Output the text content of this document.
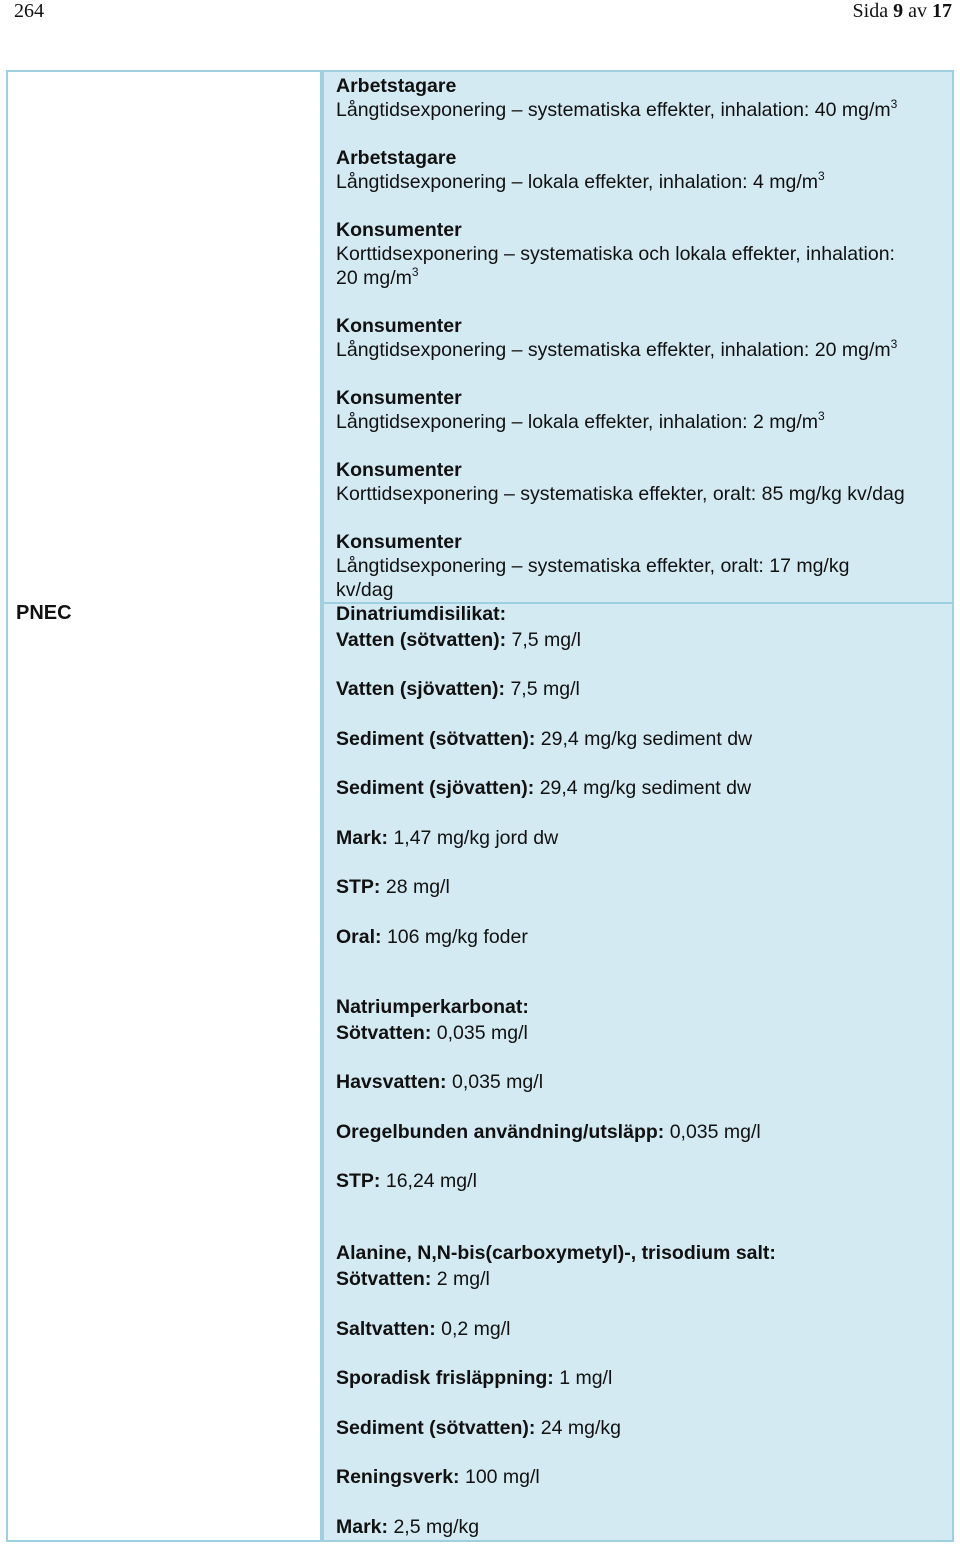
264	Sida 9 av 17
PNEC
Arbetstagare
Långtidsexponering – systematiska effekter, inhalation: 40 $mg/m^3$
Arbetstagare
Långtidsexponering – lokala effekter, inhalation: 4 $mg/m^3$
Konsumenter
Korttidsexponering – systematiska och lokala effekter, inhalation:
20 $mg/m^3$
Konsumenter
Långtidsexponering – systematiska effekter, inhalation: 20 $mg/m^3$
Konsumenter
Långtidsexponering – lokala effekter, inhalation: 2 $mg/m^3$
Konsumenter
Korttidsexponering – systematiska effekter, oralt: 85 mg/kg kv/dag
Konsumenter
Långtidsexponering – systematiska effekter, oralt: 17 mg/kg
kv/dag
Dinatriumdisilikat:
Vatten (sötvatten): 7,5 mg/l
Vatten (sjövatten): 7,5 mg/l
Sediment (sötvatten): 29,4 mg/kg sediment dw
Sediment (sjövatten): 29,4 mg/kg sediment dw
Mark: 1,47 mg/kg jord dw
STP: 28 mg/l
Oral: 106 mg/kg foder
Natriumperkarbonat:
Sötvatten: 0,035 mg/l
Havsvatten: 0,035 mg/l
Oregelbunden användning/utsläpp: 0,035 mg/l
STP: 16,24 mg/l
Alanine, N,N-bis(carboxymetyl)-, trisodium salt:
Sötvatten: 2 mg/l
Saltvatten: 0,2 mg/l
Sporadisk frisläppning: 1 mg/l
Sediment (sötvatten): 24 mg/kg
Reningsverk: 100 mg/l
Mark: 2,5 mg/kg
